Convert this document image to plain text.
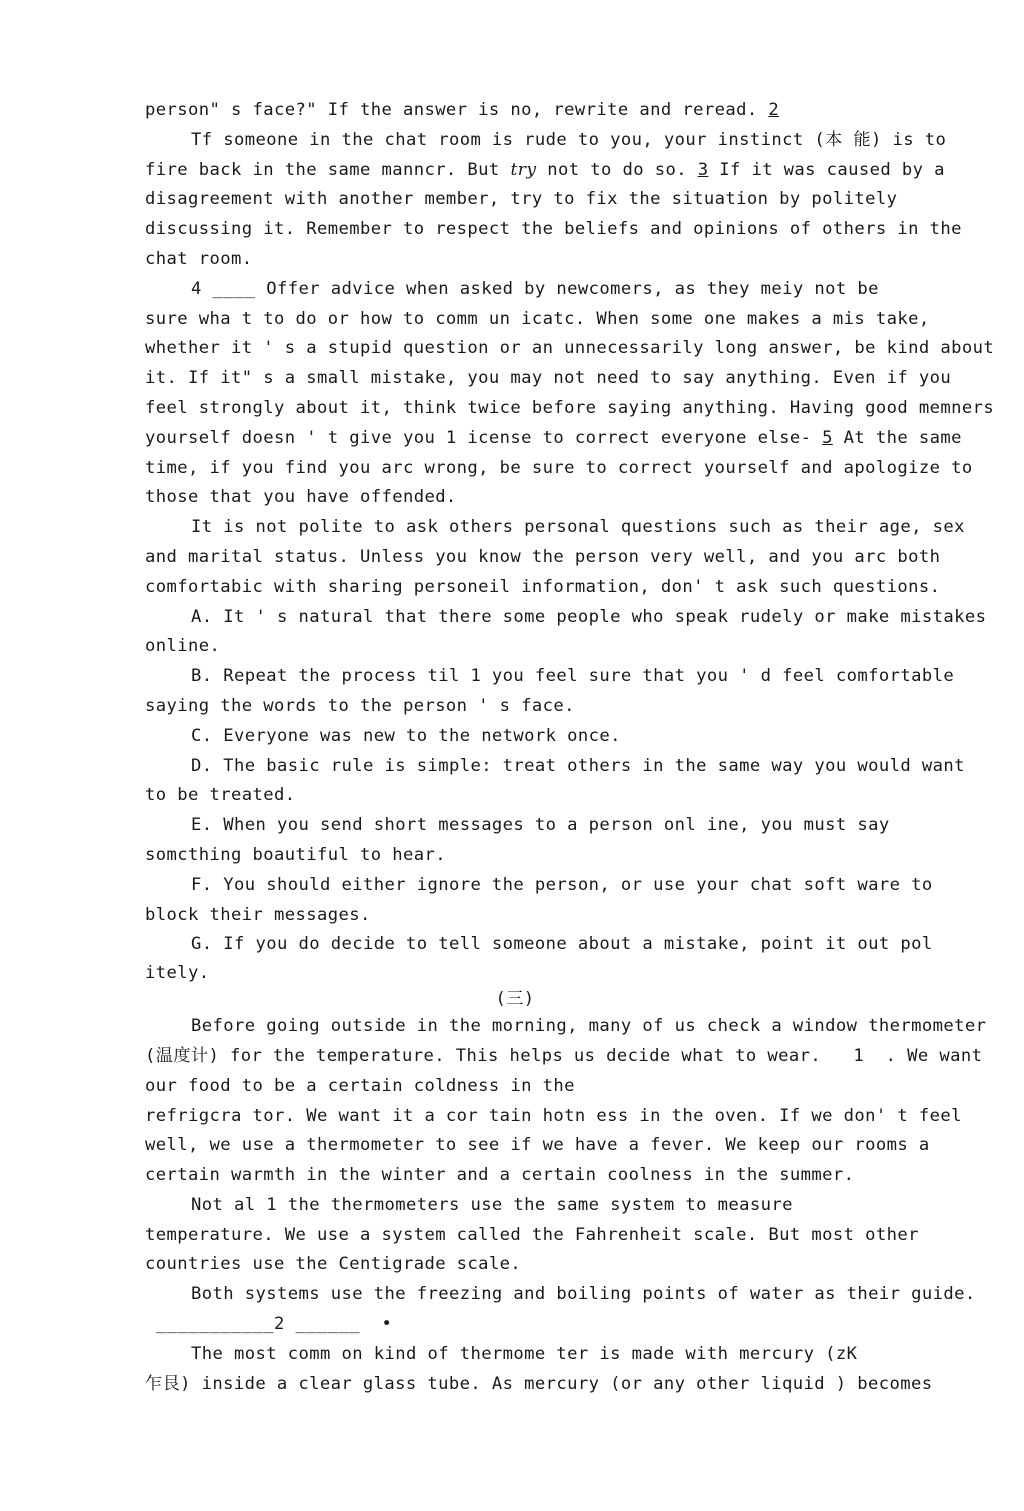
person" s face?" If the answer is no, rewrite and reread. 2
Tf someone in the chat room is rude to you, your instinct (本 能) is to
fire back in the same manncr. But try not to do so. 3 If it was caused by a
disagreement with another member, try to fix the situation by politely
discussing it. Remember to respect the beliefs and opinions of others in the
chat room.
4 ____ Offer advice when asked by newcomers, as they meiy not be
sure wha t to do or how to comm un icatc. When some one makes a mis take,
whether it ' s a stupid question or an unnecessarily long answer, be kind about
it. If it" s a small mistake, you may not need to say anything. Even if you
feel strongly about it, think twice before saying anything. Having good memners
yourself doesn ' t give you 1 icense to correct everyone else- 5 At the same
time, if you find you arc wrong, be sure to correct yourself and apologize to
those that you have offended.
It is not polite to ask others personal questions such as their age, sex
and marital status. Unless you know the person very well, and you arc both
comfortabic with sharing personeil information, don' t ask such questions.
A. It ' s natural that there some people who speak rudely or make mistakes
online.
B. Repeat the process til 1 you feel sure that you ' d feel comfortable
saying the words to the person ' s face.
C. Everyone was new to the network once.
D. The basic rule is simple: treat others in the same way you would want
to be treated.
E. When you send short messages to a person onl ine, you must say
somcthing boautiful to hear.
F. You should either ignore the person, or use your chat soft ware to
block their messages.
G. If you do decide to tell someone about a mistake, point it out pol
itely.
(三)
Before going outside in the morning, many of us check a window thermometer
(温度计) for the temperature. This helps us decide what to wear.   1  . We want
our food to be a certain coldness in the
refrigcra tor. We want it a cor tain hotn ess in the oven. If we don' t feel
well, we use a thermometer to see if we have a fever. We keep our rooms a
certain warmth in the winter and a certain coolness in the summer.
Not al 1 the thermometers use the same system to measure
temperature. We use a system called the Fahrenheit scale. But most other
countries use the Centigrade scale.
Both systems use the freezing and boiling points of water as their guide.
___________2 ______  •
The most comm on kind of thermome ter is made with mercury (zK
乍艮) inside a clear glass tube. As mercury (or any other liquid ) becomes
